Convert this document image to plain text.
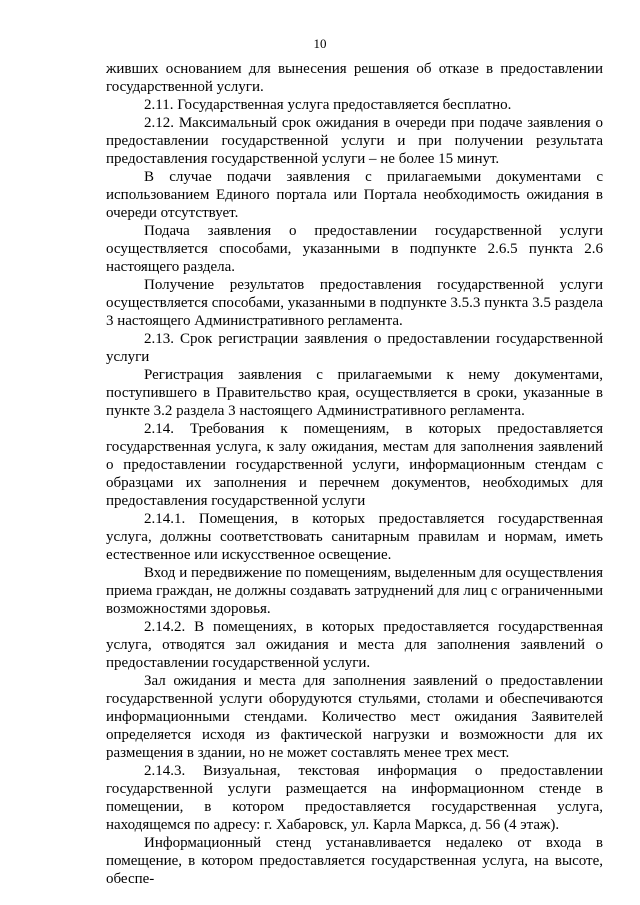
10

живших основанием для вынесения решения об отказе в предоставлении государственной услуги.

2.11. Государственная услуга предоставляется бесплатно.

2.12. Максимальный срок ожидания в очереди при подаче заявления о предоставлении государственной услуги и при получении результата предоставления государственной услуги – не более 15 минут.

В случае подачи заявления с прилагаемыми документами с использованием Единого портала или Портала необходимость ожидания в очереди отсутствует.

Подача заявления о предоставлении государственной услуги осуществляется способами, указанными в подпункте 2.6.5 пункта 2.6 настоящего раздела.

Получение результатов предоставления государственной услуги осуществляется способами, указанными в подпункте 3.5.3 пункта 3.5 раздела 3 настоящего Административного регламента.

2.13. Срок регистрации заявления о предоставлении государственной услуги

Регистрация заявления с прилагаемыми к нему документами, поступившего в Правительство края, осуществляется в сроки, указанные в пункте 3.2 раздела 3 настоящего Административного регламента.

2.14. Требования к помещениям, в которых предоставляется государственная услуга, к залу ожидания, местам для заполнения заявлений о предоставлении государственной услуги, информационным стендам с образцами их заполнения и перечнем документов, необходимых для предоставления государственной услуги

2.14.1. Помещения, в которых предоставляется государственная услуга, должны соответствовать санитарным правилам и нормам, иметь естественное или искусственное освещение.

Вход и передвижение по помещениям, выделенным для осуществления приема граждан, не должны создавать затруднений для лиц с ограниченными возможностями здоровья.

2.14.2. В помещениях, в которых предоставляется государственная услуга, отводятся зал ожидания и места для заполнения заявлений о предоставлении государственной услуги.

Зал ожидания и места для заполнения заявлений о предоставлении государственной услуги оборудуются стульями, столами и обеспечиваются информационными стендами. Количество мест ожидания Заявителей определяется исходя из фактической нагрузки и возможности для их размещения в здании, но не может составлять менее трех мест.

2.14.3. Визуальная, текстовая информация о предоставлении государственной услуги размещается на информационном стенде в помещении, в котором предоставляется государственная услуга, находящемся по адресу: г. Хабаровск, ул. Карла Маркса, д. 56 (4 этаж).

Информационный стенд устанавливается недалеко от входа в помещение, в котором предоставляется государственная услуга, на высоте, обеспе-
